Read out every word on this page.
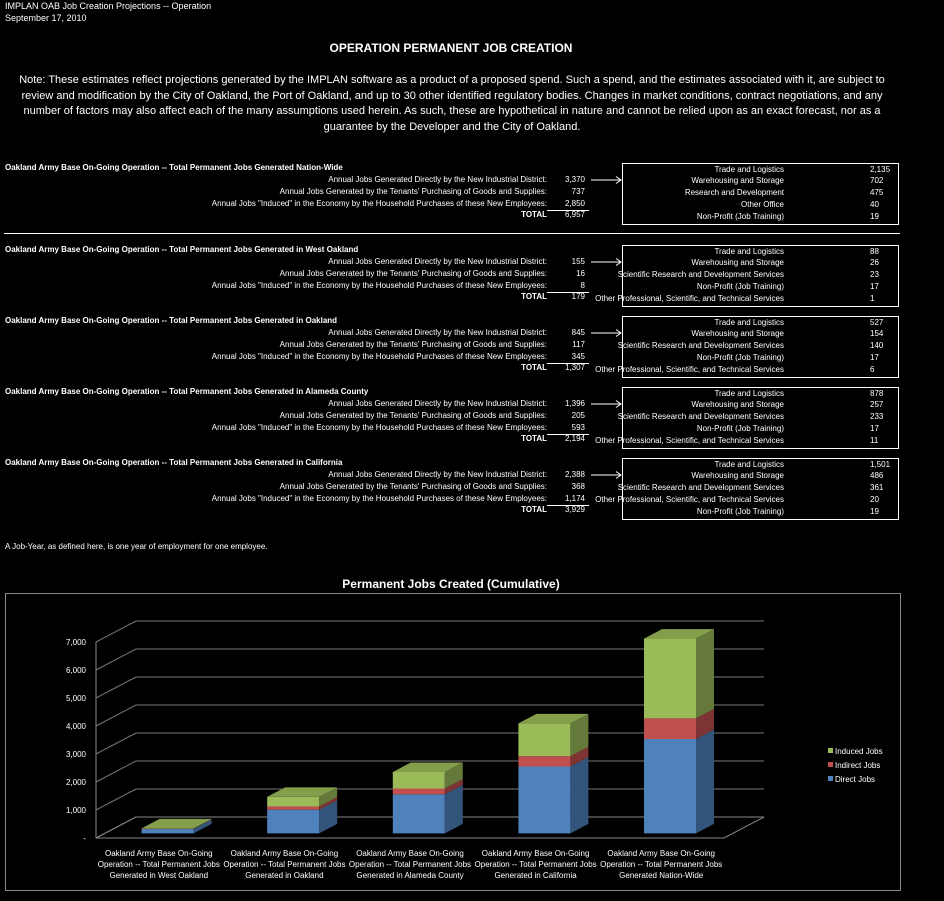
IMPLAN OAB Job Creation Projections -- Operation
September 17, 2010
OPERATION PERMANENT JOB CREATION
Note: These estimates reflect projections generated by the IMPLAN software as a product of a proposed spend. Such a spend, and the estimates associated with it, are subject to review and modification by the City of Oakland, the Port of Oakland, and up to 30 other identified regulatory bodies. Changes in market conditions, contract negotiations, and any number of factors may also affect each of the many assumptions used herein. As such, these are hypothetical in nature and cannot be relied upon as an exact forecast, nor as a guarantee by the Developer and the City of Oakland.
Oakland Army Base On-Going Operation -- Total Permanent Jobs Generated Nation-Wide
Annual Jobs Generated Directly by the New Industrial District:	3,370
Annual Jobs Generated by the Tenants' Purchasing of Goods and Supplies:	737
Annual Jobs "Induced" in the Economy by the Household Purchases of these New Employees:	2,850
TOTAL	6,957
Trade and Logistics	2,135
Warehousing and Storage	702
Research and Development	475
Other Office	40
Non-Profit (Job Training)	19
Oakland Army Base On-Going Operation -- Total Permanent Jobs Generated in West Oakland
Annual Jobs Generated Directly by the New Industrial District:	155
Annual Jobs Generated by the Tenants' Purchasing of Goods and Supplies:	16
Annual Jobs "Induced" in the Economy by the Household Purchases of these New Employees:	8
TOTAL	179
Trade and Logistics	88
Warehousing and Storage	26
Scientific Research and Development Services	23
Non-Profit (Job Training)	17
Other Professional, Scientific, and Technical Services	1
Oakland Army Base On-Going Operation -- Total Permanent Jobs Generated in Oakland
Annual Jobs Generated Directly by the New Industrial District:	845
Annual Jobs Generated by the Tenants' Purchasing of Goods and Supplies:	117
Annual Jobs "Induced" in the Economy by the Household Purchases of these New Employees:	345
TOTAL	1,307
Trade and Logistics	527
Warehousing and Storage	154
Scientific Research and Development Services	140
Non-Profit (Job Training)	17
Other Professional, Scientific, and Technical Services	6
Oakland Army Base On-Going Operation -- Total Permanent Jobs Generated in Alameda County
Annual Jobs Generated Directly by the New Industrial District:	1,396
Annual Jobs Generated by the Tenants' Purchasing of Goods and Supplies:	205
Annual Jobs "Induced" in the Economy by the Household Purchases of these New Employees:	593
TOTAL	2,194
Trade and Logistics	878
Warehousing and Storage	257
Scientific Research and Development Services	233
Non-Profit (Job Training)	17
Other Professional, Scientific, and Technical Services	11
Oakland Army Base On-Going Operation -- Total Permanent Jobs Generated in California
Annual Jobs Generated Directly by the New Industrial District:	2,388
Annual Jobs Generated by the Tenants' Purchasing of Goods and Supplies:	368
Annual Jobs "Induced" in the Economy by the Household Purchases of these New Employees:	1,174
TOTAL	3,929
Trade and Logistics	1,501
Warehousing and Storage	486
Scientific Research and Development Services	361
Other Professional, Scientific, and Technical Services	20
Non-Profit (Job Training)	19
A Job-Year, as defined here, is one year of employment for one employee.
Permanent Jobs Created (Cumulative)
-
1,000
2,000
3,000
4,000
5,000
6,000
7,000
Oakland Army Base On-Going
Operation -- Total Permanent Jobs
Generated in West Oakland
Oakland Army Base On-Going
Operation -- Total Permanent Jobs
Generated in Oakland
Oakland Army Base On-Going
Operation -- Total Permanent Jobs
Generated in Alameda County
Oakland Army Base On-Going
Operation -- Total Permanent Jobs
Generated in California
Oakland Army Base On-Going
Operation -- Total Permanent Jobs
Generated Nation-Wide
Induced Jobs
Indirect Jobs
Direct Jobs
